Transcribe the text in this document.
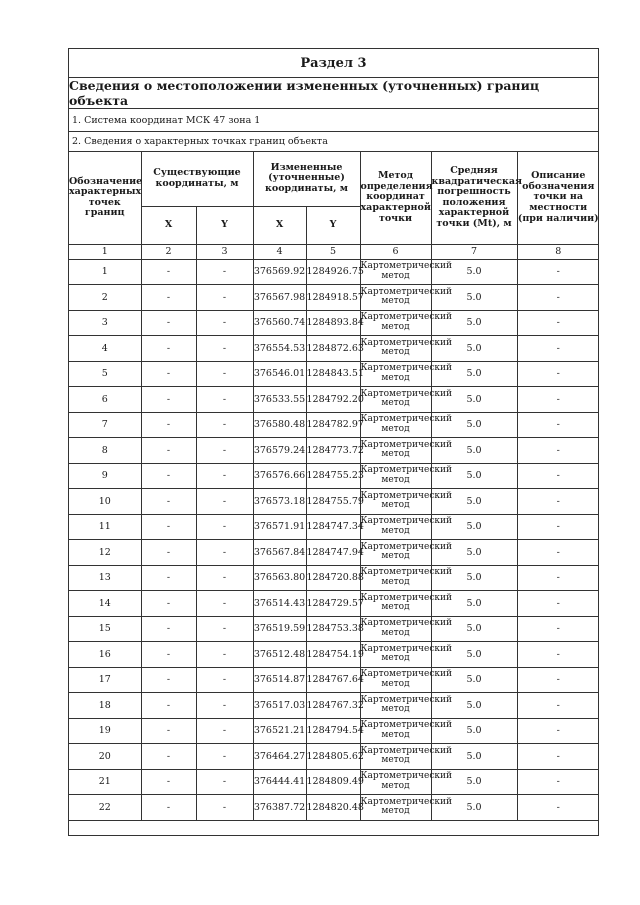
Раздел 3
Сведения о местоположении измененных (уточненных) границ объекта
1. Система координат МСК 47 зона 1
2. Сведения о характерных точках границ объекта
Обозначение характерных точек границ	Существующие координаты, м		Измененные (уточненные) координаты, м		Метод определения координат характерной точки	Средняя квадратическая погрешность положения характерной точки (Mt), м	Описание обозначения точки на местности (при наличии)
	X	Y	X	Y			
1	2	3	4	5	6	7	8
1	-	-	376569.92	1284926.75	Картометрический метод	5.0	-
2	-	-	376567.98	1284918.57	Картометрический метод	5.0	-
3	-	-	376560.74	1284893.84	Картометрический метод	5.0	-
4	-	-	376554.53	1284872.63	Картометрический метод	5.0	-
5	-	-	376546.01	1284843.51	Картометрический метод	5.0	-
6	-	-	376533.55	1284792.20	Картометрический метод	5.0	-
7	-	-	376580.48	1284782.97	Картометрический метод	5.0	-
8	-	-	376579.24	1284773.72	Картометрический метод	5.0	-
9	-	-	376576.66	1284755.23	Картометрический метод	5.0	-
10	-	-	376573.18	1284755.79	Картометрический метод	5.0	-
11	-	-	376571.91	1284747.34	Картометрический метод	5.0	-
12	-	-	376567.84	1284747.94	Картометрический метод	5.0	-
13	-	-	376563.80	1284720.88	Картометрический метод	5.0	-
14	-	-	376514.43	1284729.57	Картометрический метод	5.0	-
15	-	-	376519.59	1284753.38	Картометрический метод	5.0	-
16	-	-	376512.48	1284754.19	Картометрический метод	5.0	-
17	-	-	376514.87	1284767.64	Картометрический метод	5.0	-
18	-	-	376517.03	1284767.32	Картометрический метод	5.0	-
19	-	-	376521.21	1284794.54	Картометрический метод	5.0	-
20	-	-	376464.27	1284805.62	Картометрический метод	5.0	-
21	-	-	376444.41	1284809.49	Картометрический метод	5.0	-
22	-	-	376387.72	1284820.48	Картометрический метод	5.0	-
